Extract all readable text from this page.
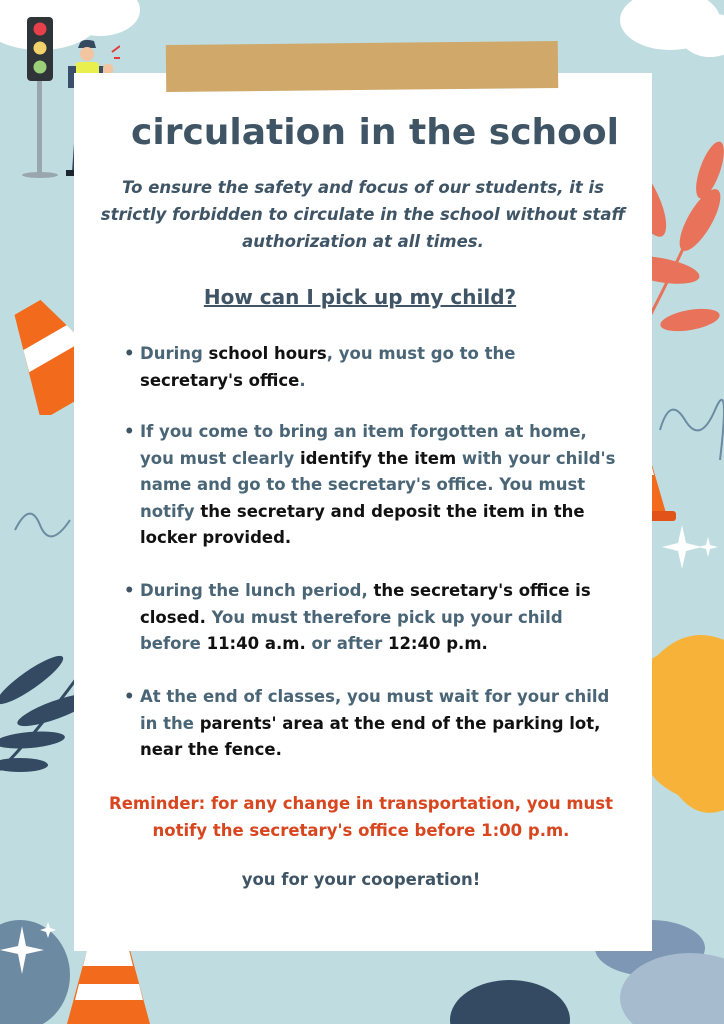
circulation in the school
To ensure the safety and focus of our students, it is strictly forbidden to circulate in the school without staff authorization at all times.
How can I pick up my child?
• During school hours, you must go to the secretary's office.
• If you come to bring an item forgotten at home, you must clearly identify the item with your child's name and go to the secretary's office. You must notify the secretary and deposit the item in the locker provided.
• During the lunch period, the secretary's office is closed. You must therefore pick up your child before 11:40 a.m. or after 12:40 p.m.
• At the end of classes, you must wait for your child in the parents' area at the end of the parking lot, near the fence.
Reminder: for any change in transportation, you must notify the secretary's office before 1:00 p.m.
you for your cooperation!
